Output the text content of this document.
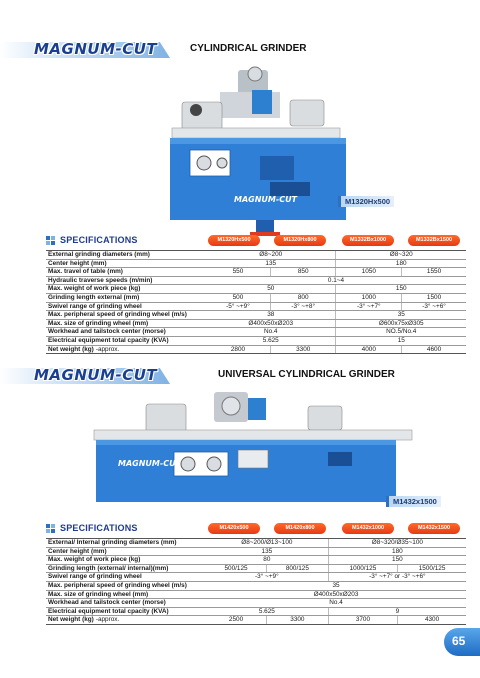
MAGNUM-CUT	CYLINDRICAL GRINDER
MAGNUM-CUT	M1320Hx500
SPECIFICATIONS	M1320Hx500	M1320Hx800	M1332Bx1000	M1332Bx1500
External grinding diameters (mm)	Ø8~200		Ø8~320	
Center height (mm)	135		180	
Max. travel of table (mm)	550	850	1050	1550
Hydraulic traverse speeds (m/min)	0.1~4			
Max. weight of work piece (kg)	50		150	
Grinding length external (mm)	500	800	1000	1500
Swivel range of grinding wheel	-5° ~+9°	-3° ~+8°	-3° ~+7°	-3° ~+6°
Max. peripheral speed of grinding wheel (m/s)	38		35	
Max. size of grinding wheel (mm)	Ø400x50xØ203		Ø600x75xØ305	
Workhead and tailstock center (morse)	No.4		NO.5/No.4	
Electrical equipment total cpacity (KVA)	5.625		15	
Net weight (kg) -approx.	2800	3300	4000	4600
MAGNUM-CUT	UNIVERSAL CYLINDRICAL GRINDER
MAGNUM-CUT
M1432x1500
SPECIFICATIONS	M1420x500	M1420x800	M1432x1000	M1432x1500
External/ Internal grinding diameters (mm)	Ø8~200/Ø13~100		Ø8~320/Ø35~100	
Center height (mm)	135		180	
Max. weight of work piece (kg)	80		150	
Grinding length (external/ internal)(mm)	500/125	800/125	1000/125	1500/125
Swivel range of grinding wheel	-3° ~+9°		-3° ~+7° or -3° ~+6°	
Max. peripheral speed of grinding wheel (m/s)	35			
Max. size of grinding wheel (mm)	Ø400x50xØ203			
Workhead and tailstock center (morse)	No.4			
Electrical equipment total cpacity (KVA)	5.625		9	
Net weight (kg) -approx.	2500	3300	3700	4300
65
